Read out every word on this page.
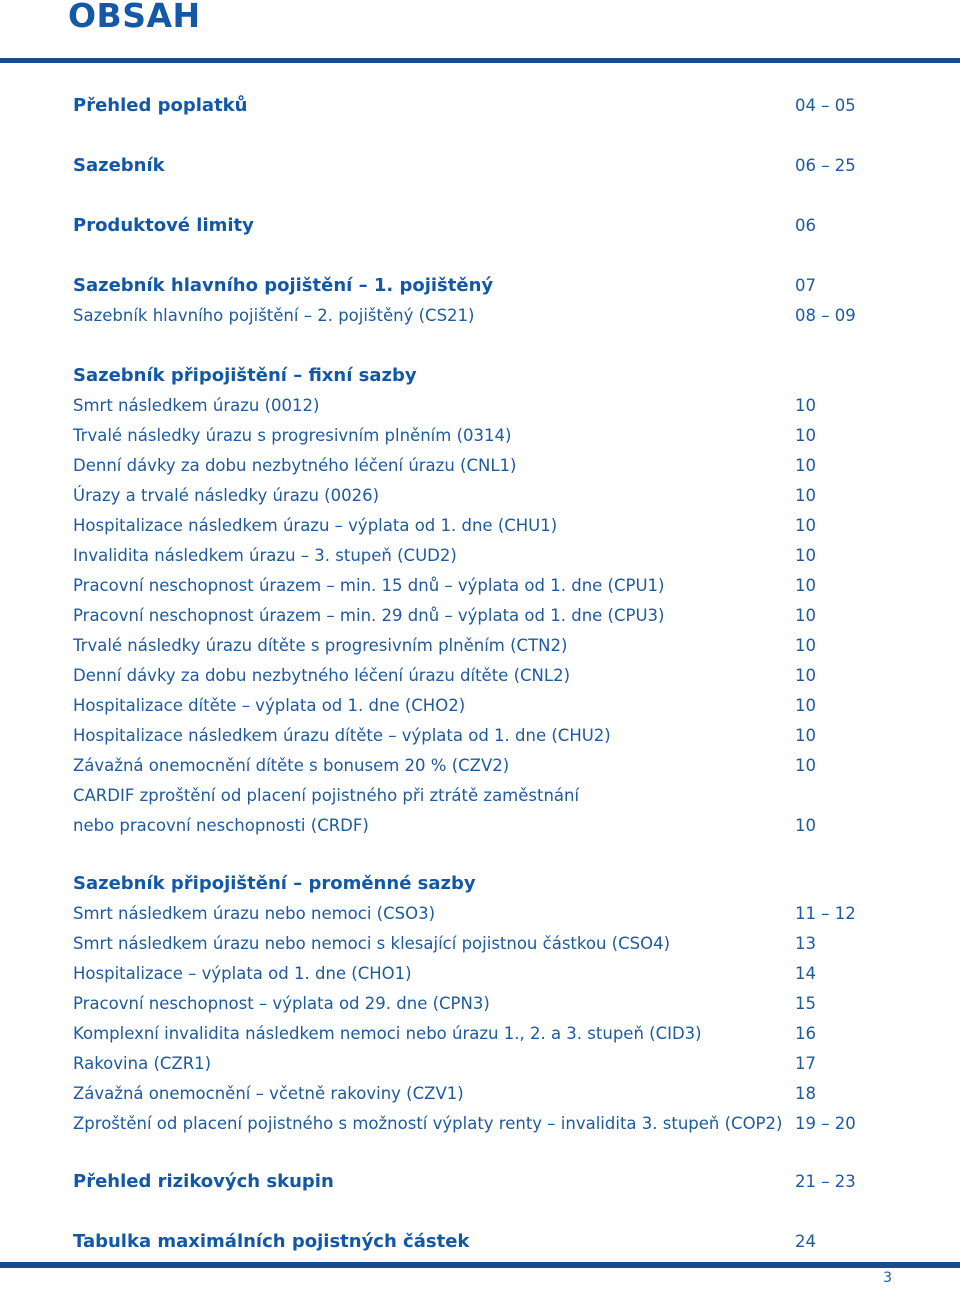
OBSAH
Přehled poplatků	04 – 05
Sazebník	06 – 25
Produktové limity	06
Sazebník hlavního pojištění – 1. pojištěný	07
Sazebník hlavního pojištění – 2. pojištěný (CS21)	08 – 09
Sazebník připojištění – fixní sazby
Smrt následkem úrazu (0012)	10
Trvalé následky úrazu s progresivním plněním (0314)	10
Denní dávky za dobu nezbytného léčení úrazu (CNL1)	10
Úrazy a trvalé následky úrazu (0026)	10
Hospitalizace následkem úrazu – výplata od 1. dne (CHU1)	10
Invalidita následkem úrazu – 3. stupeň (CUD2)	10
Pracovní neschopnost úrazem – min. 15 dnů – výplata od 1. dne (CPU1)	10
Pracovní neschopnost úrazem – min. 29 dnů – výplata od 1. dne (CPU3)	10
Trvalé následky úrazu dítěte s progresivním plněním (CTN2)	10
Denní dávky za dobu nezbytného léčení úrazu dítěte (CNL2)	10
Hospitalizace dítěte – výplata od 1. dne (CHO2)	10
Hospitalizace následkem úrazu dítěte – výplata od 1. dne (CHU2)	10
Závažná onemocnění dítěte s bonusem 20 % (CZV2)	10
CARDIF zproštění od placení pojistného při ztrátě zaměstnání
nebo pracovní neschopnosti (CRDF)	10
Sazebník připojištění – proměnné sazby
Smrt následkem úrazu nebo nemoci (CSO3)	11 – 12
Smrt následkem úrazu nebo nemoci s klesající pojistnou částkou (CSO4)	13
Hospitalizace – výplata od 1. dne (CHO1)	14
Pracovní neschopnost – výplata od 29. dne (CPN3)	15
Komplexní invalidita následkem nemoci nebo úrazu 1., 2. a 3. stupeň (CID3)	16
Rakovina (CZR1)	17
Závažná onemocnění – včetně rakoviny (CZV1)	18
Zproštění od placení pojistného s možností výplaty renty – invalidita 3. stupeň (COP2) 19 – 20
Přehled rizikových skupin	21 – 23
Tabulka maximálních pojistných částek	24
3
